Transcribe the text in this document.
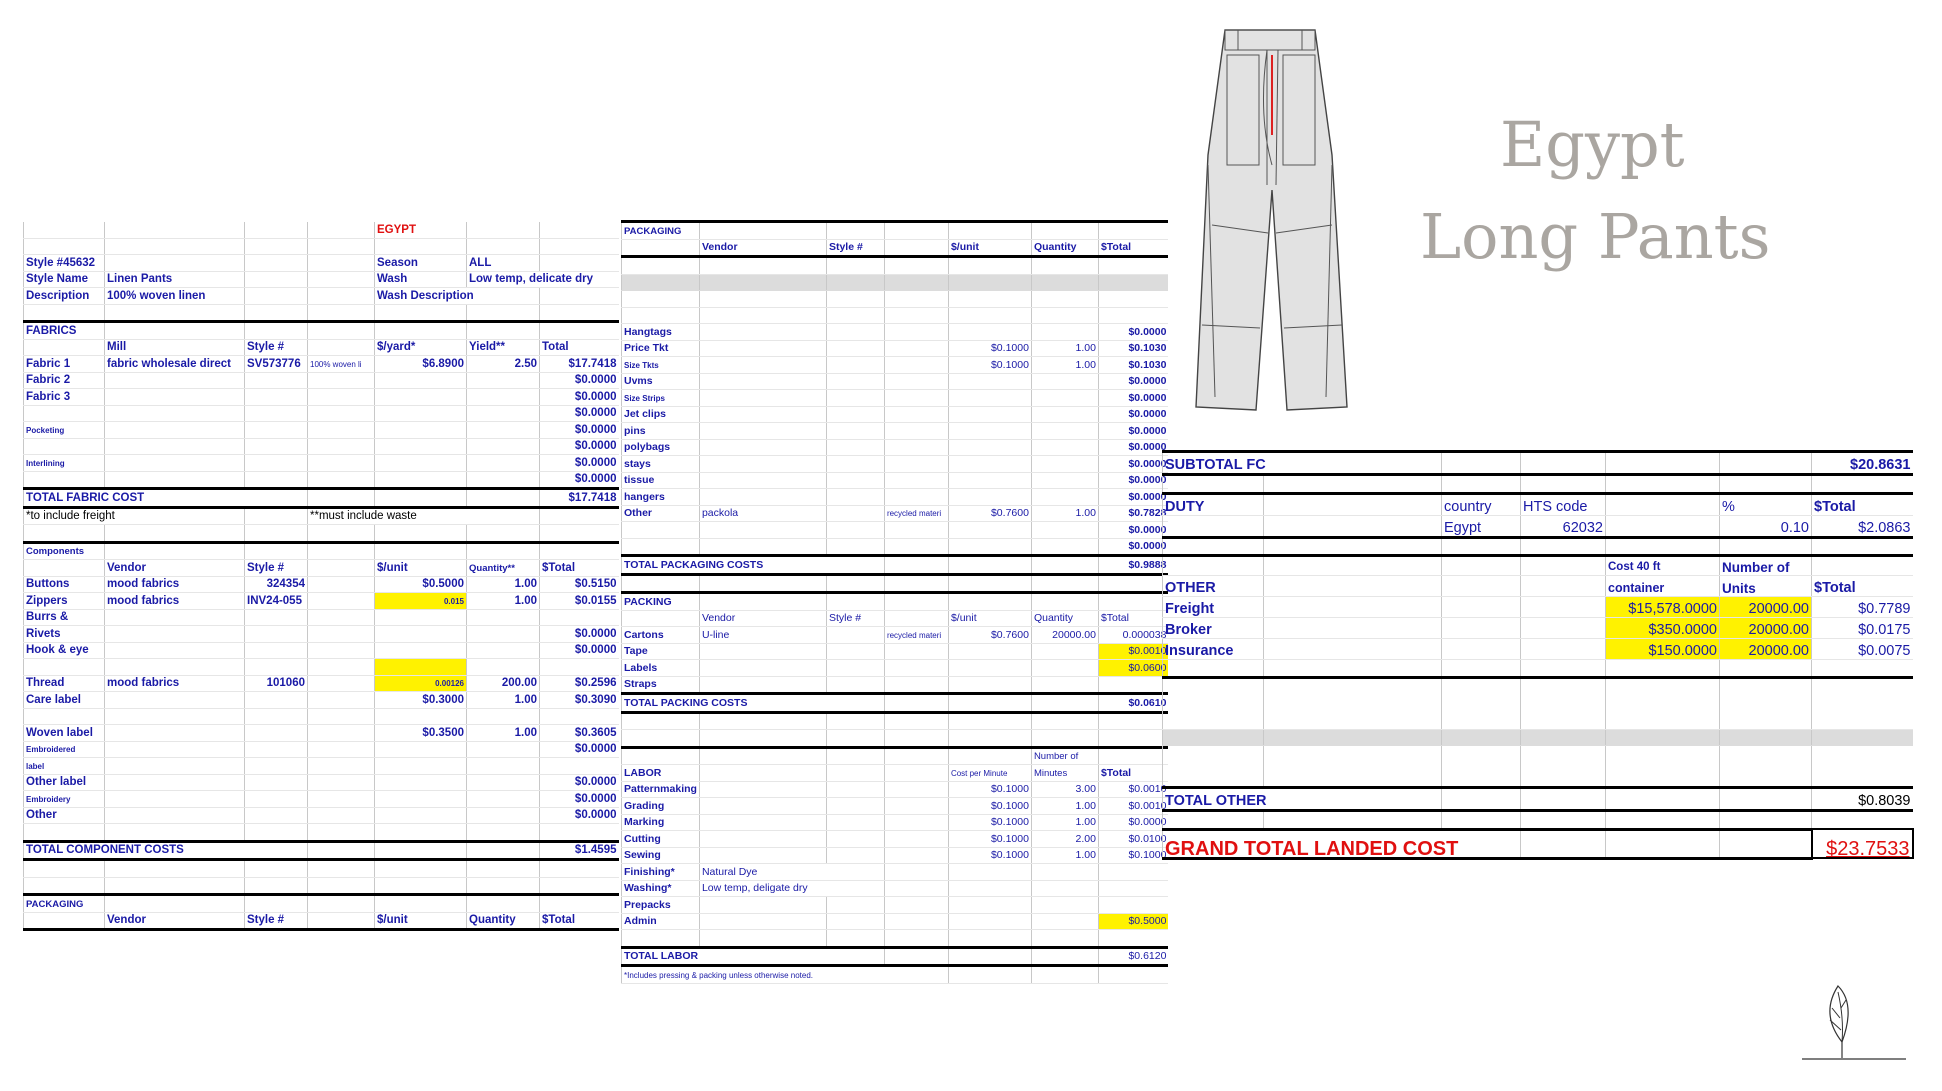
Egypt
Long Pants
				EGYPT		

Style #45632				Season	ALL	
Style Name	Linen Pants			Wash	Low temp, delicate dry	
Description	100% woven linen			Wash Description		

FABRICS						
	Mill	Style #		$/yard*	Yield**	Total
Fabric 1	fabric wholesale direct	SV573776	100% woven li	$6.8900	2.50	$17.7418
Fabric 2						$0.0000
Fabric 3						$0.0000
						$0.0000
Pocketing						$0.0000
						$0.0000
Interlining						$0.0000
						$0.0000
TOTAL FABRIC COST						$17.7418
*to include freight			**must include waste			

Components						
	Vendor	Style #		$/unit	Quantity**	$Total
Buttons	mood fabrics	324354		$0.5000	1.00	$0.5150
Zippers	mood fabrics	INV24-055		0.015	1.00	$0.0155
Burrs &						
Rivets						$0.0000
Hook & eye						$0.0000

Thread	mood fabrics	101060		0.00126	200.00	$0.2596
Care label				$0.3000	1.00	$0.3090

Woven label				$0.3500	1.00	$0.3605
Embroidered						$0.0000
label						
Other label						$0.0000
Embroidery						$0.0000
Other						$0.0000

TOTAL COMPONENT COSTS						$1.4595

PACKAGING						
	Vendor	Style #		$/unit	Quantity	$Total
PACKAGING						
	Vendor	Style #		$/unit	Quantity	$Total

Hangtags						$0.0000
Price Tkt				$0.1000	1.00	$0.1030
Size Tkts				$0.1000	1.00	$0.1030
Uvms						$0.0000
Size Strips						$0.0000
Jet clips						$0.0000
pins						$0.0000
polybags						$0.0000
stays						$0.0000
tissue						$0.0000
hangers						$0.0000
Other	packola		recycled materi	$0.7600	1.00	$0.7828
						$0.0000
						$0.0000
TOTAL PACKAGING COSTS						$0.9888

PACKING						
	Vendor	Style #		$/unit	Quantity	$Total
Cartons	U-line		recycled materi	$0.7600	20000.00	0.000038
Tape						$0.0010
Labels						$0.0600
Straps						
TOTAL PACKING COSTS						$0.0610

					Number of	
LABOR				Cost per Minute	Minutes	$Total
Patternmaking				$0.1000	3.00	$0.0010
Grading				$0.1000	1.00	$0.0010
Marking				$0.1000	1.00	$0.0000
Cutting				$0.1000	2.00	$0.0100
Sewing				$0.1000	1.00	$0.1000
Finishing*	Natural Dye					
Washing*	Low temp, deligate dry					
Prepacks						
Admin						$0.5000

TOTAL LABOR						$0.6120
*Includes pressing & packing unless otherwise noted.						
SUBTOTAL FC						$20.8631

DUTY		country	HTS code		%	$Total
		Egypt	62032		0.10	$2.0863

				Cost 40 ft	Number of	
OTHER				container	Units	$Total
Freight				$15,578.0000	20000.00	$0.7789
Broker				$350.0000	20000.00	$0.0175
Insurance				$150.0000	20000.00	$0.0075

TOTAL OTHER						$0.8039

GRAND TOTAL LANDED COST						$23.7533
